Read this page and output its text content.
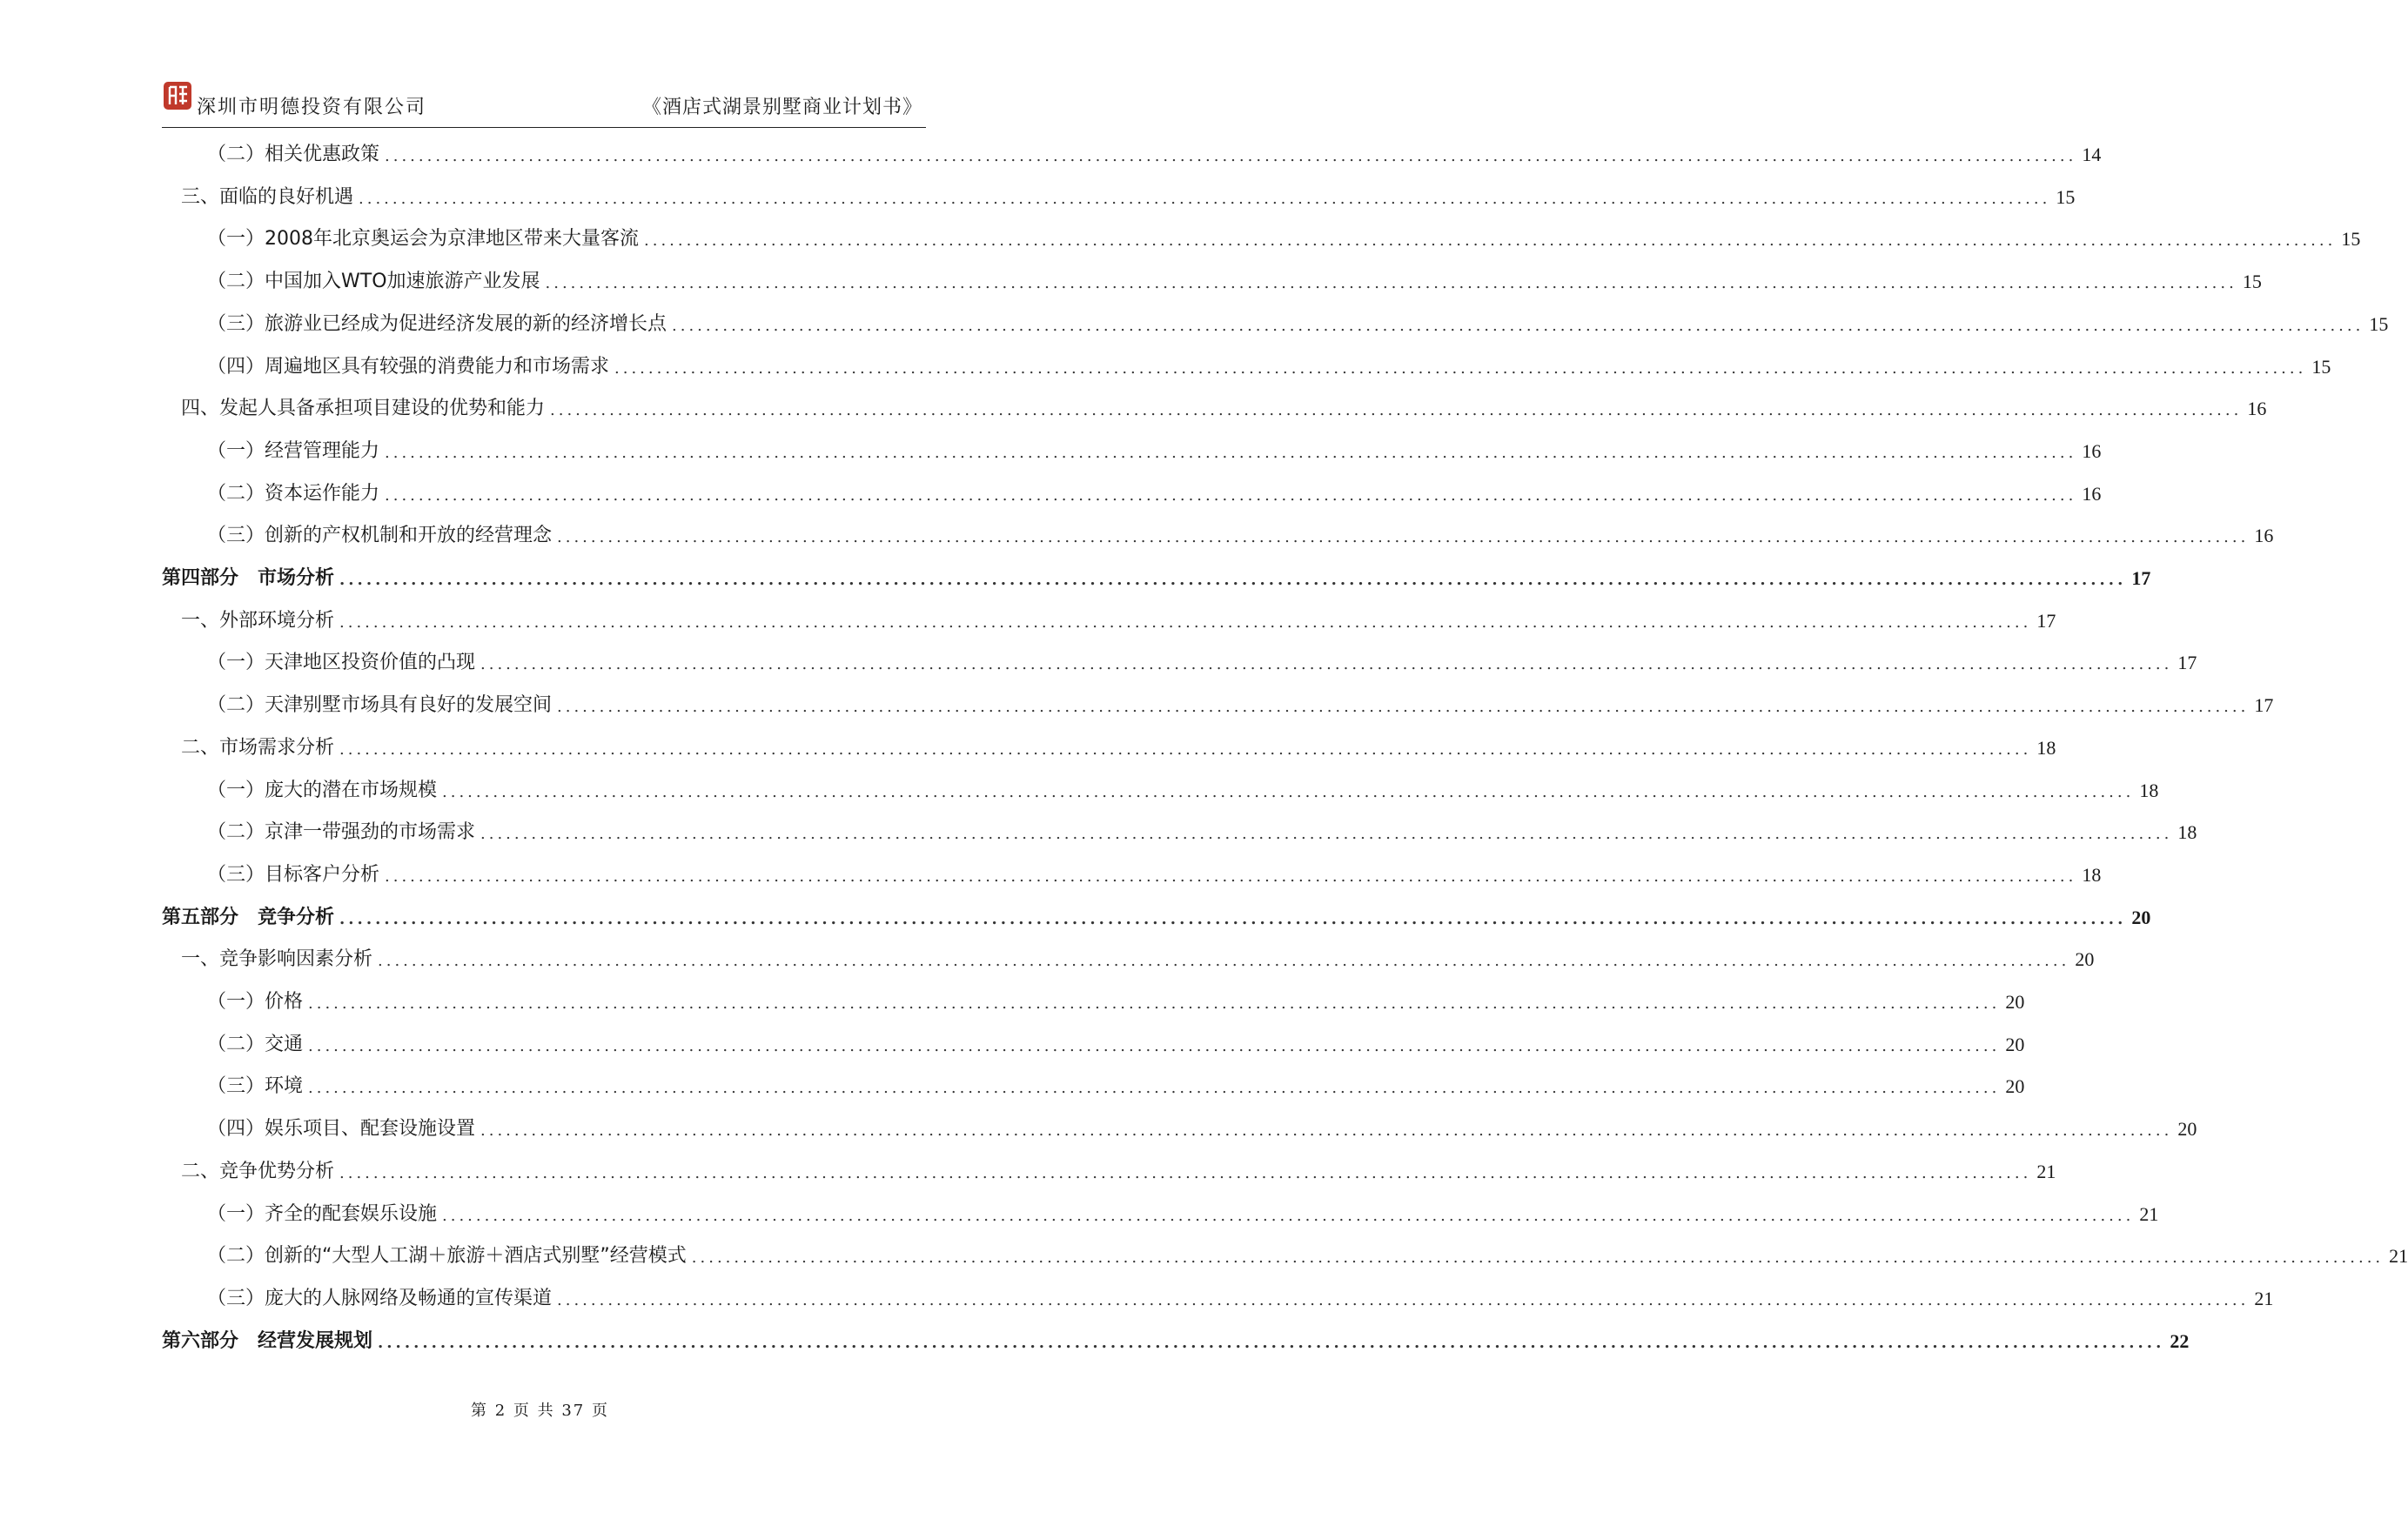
深圳市明德投资有限公司	《酒店式湖景别墅商业计划书》
（二）相关优惠政策 ........................................................................................................................................................................................................ 14
三、面临的良好机遇 ........................................................................................................................................................................................................ 15
（一）2008年北京奥运会为京津地区带来大量客流 ........................................................................................................................................................................................................ 15
（二）中国加入WTO加速旅游产业发展 ........................................................................................................................................................................................................ 15
（三）旅游业已经成为促进经济发展的新的经济增长点 ........................................................................................................................................................................................................ 15
（四）周遍地区具有较强的消费能力和市场需求 ........................................................................................................................................................................................................ 15
四、发起人具备承担项目建设的优势和能力 ........................................................................................................................................................................................................ 16
（一）经营管理能力 ........................................................................................................................................................................................................ 16
（二）资本运作能力 ........................................................................................................................................................................................................ 16
（三）创新的产权机制和开放的经营理念 ........................................................................................................................................................................................................ 16
第四部分　市场分析 ........................................................................................................................................................................................................ 17
一、外部环境分析 ........................................................................................................................................................................................................ 17
（一）天津地区投资价值的凸现 ........................................................................................................................................................................................................ 17
（二）天津别墅市场具有良好的发展空间 ........................................................................................................................................................................................................ 17
二、市场需求分析 ........................................................................................................................................................................................................ 18
（一）庞大的潜在市场规模 ........................................................................................................................................................................................................ 18
（二）京津一带强劲的市场需求 ........................................................................................................................................................................................................ 18
（三）目标客户分析 ........................................................................................................................................................................................................ 18
第五部分　竞争分析 ........................................................................................................................................................................................................ 20
一、竞争影响因素分析 ........................................................................................................................................................................................................ 20
（一）价格 ........................................................................................................................................................................................................ 20
（二）交通 ........................................................................................................................................................................................................ 20
（三）环境 ........................................................................................................................................................................................................ 20
（四）娱乐项目、配套设施设置 ........................................................................................................................................................................................................ 20
二、竞争优势分析 ........................................................................................................................................................................................................ 21
（一）齐全的配套娱乐设施 ........................................................................................................................................................................................................ 21
（二）创新的“大型人工湖＋旅游＋酒店式别墅”经营模式 ........................................................................................................................................................................................................ 21
（三）庞大的人脉网络及畅通的宣传渠道 ........................................................................................................................................................................................................ 21
第六部分　经营发展规划 ........................................................................................................................................................................................................ 22
第 2 页 共 37 页
